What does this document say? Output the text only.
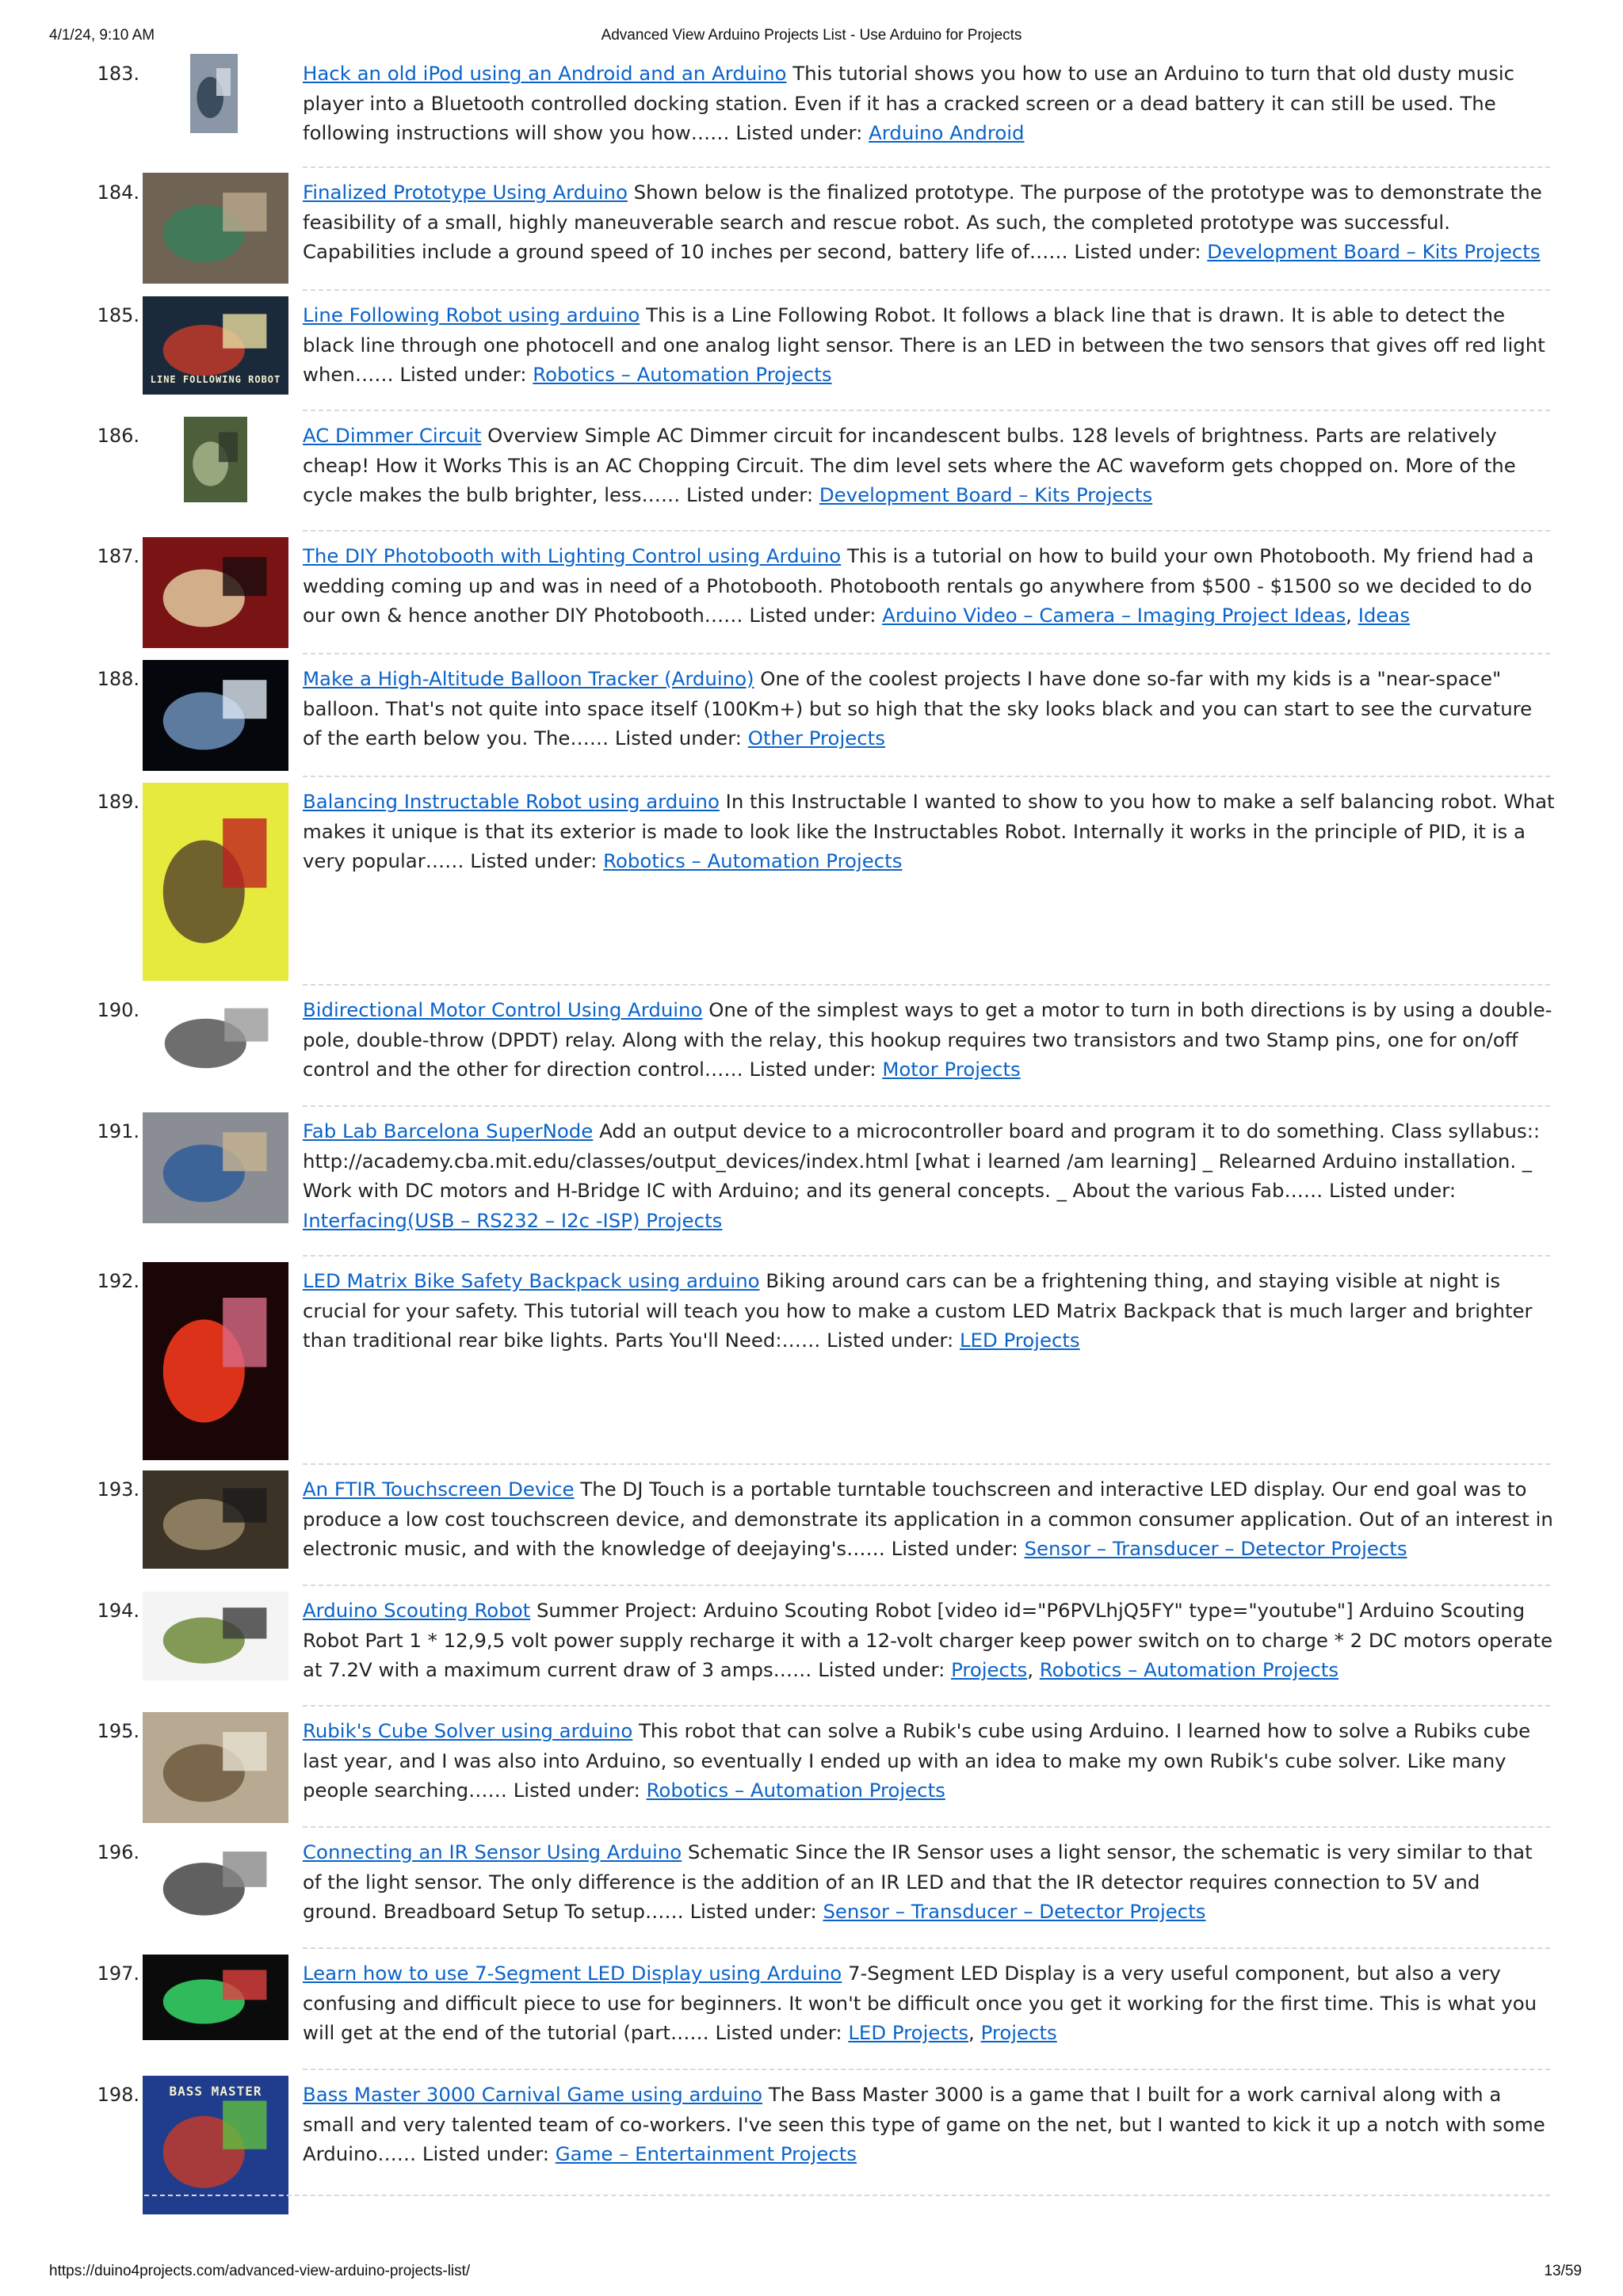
4/1/24, 9:10 AM	Advanced View Arduino Projects List - Use Arduino for Projects
183.	Hack an old iPod using an Android and an Arduino This tutorial shows you how to use an Arduino to turn that old dusty music player into a Bluetooth controlled docking station. Even if it has a cracked screen or a dead battery it can still be used. The following instructions will show you how…… Listed under: Arduino Android
184.	Finalized Prototype Using Arduino Shown below is the finalized prototype. The purpose of the prototype was to demonstrate the feasibility of a small, highly maneuverable search and rescue robot. As such, the completed prototype was successful. Capabilities include a ground speed of 10 inches per second, battery life of…… Listed under: Development Board – Kits Projects
185.
LINE FOLLOWING ROBOT
Line Following Robot using arduino This is a Line Following Robot. It follows a black line that is drawn. It is able to detect the black line through one photocell and one analog light sensor. There is an LED in between the two sensors that gives off red light when…… Listed under: Robotics – Automation Projects
186.	AC Dimmer Circuit Overview Simple AC Dimmer circuit for incandescent bulbs. 128 levels of brightness. Parts are relatively cheap! How it Works This is an AC Chopping Circuit. The dim level sets where the AC waveform gets chopped on. More of the cycle makes the bulb brighter, less…… Listed under: Development Board – Kits Projects
187.	The DIY Photobooth with Lighting Control using Arduino This is a tutorial on how to build your own Photobooth. My friend had a wedding coming up and was in need of a Photobooth. Photobooth rentals go anywhere from $500 - $1500 so we decided to do our own & hence another DIY Photobooth…… Listed under: Arduino Video – Camera – Imaging Project Ideas, Ideas
188.	Make a High-Altitude Balloon Tracker (Arduino) One of the coolest projects I have done so-far with my kids is a "near-space" balloon. That's not quite into space itself (100Km+) but so high that the sky looks black and you can start to see the curvature of the earth below you. The…… Listed under: Other Projects
189.	Balancing Instructable Robot using arduino In this Instructable I wanted to show to you how to make a self balancing robot. What makes it unique is that its exterior is made to look like the Instructables Robot. Internally it works in the principle of PID, it is a very popular…… Listed under: Robotics – Automation Projects
190.	Bidirectional Motor Control Using Arduino One of the simplest ways to get a motor to turn in both directions is by using a double-pole, double-throw (DPDT) relay. Along with the relay, this hookup requires two transistors and two Stamp pins, one for on/off control and the other for direction control…… Listed under: Motor Projects
191.	Fab Lab Barcelona SuperNode Add an output device to a microcontroller board and program it to do something. Class syllabus:: http://academy.cba.mit.edu/classes/output_devices/index.html [what i learned /am learning] _ Relearned Arduino installation. _ Work with DC motors and H-Bridge IC with Arduino; and its general concepts. _ About the various Fab…… Listed under: Interfacing(USB – RS232 – I2c -ISP) Projects
192.	LED Matrix Bike Safety Backpack using arduino Biking around cars can be a frightening thing, and staying visible at night is crucial for your safety. This tutorial will teach you how to make a custom LED Matrix Backpack that is much larger and brighter than traditional rear bike lights. Parts You'll Need:…… Listed under: LED Projects
193.	An FTIR Touchscreen Device The DJ Touch is a portable turntable touchscreen and interactive LED display. Our end goal was to produce a low cost touchscreen device, and demonstrate its application in a common consumer application. Out of an interest in electronic music, and with the knowledge of deejaying's…… Listed under: Sensor – Transducer – Detector Projects
194.	Arduino Scouting Robot Summer Project: Arduino Scouting Robot [video id="P6PVLhjQ5FY" type="youtube"] Arduino Scouting Robot Part 1 * 12,9,5 volt power supply recharge it with a 12-volt charger keep power switch on to charge * 2 DC motors operate at 7.2V with a maximum current draw of 3 amps…… Listed under: Projects, Robotics – Automation Projects
195.	Rubik's Cube Solver using arduino This robot that can solve a Rubik's cube using Arduino. I learned how to solve a Rubiks cube last year, and I was also into Arduino, so eventually I ended up with an idea to make my own Rubik's cube solver. Like many people searching…… Listed under: Robotics – Automation Projects
196.	Connecting an IR Sensor Using Arduino Schematic Since the IR Sensor uses a light sensor, the schematic is very similar to that of the light sensor. The only difference is the addition of an IR LED and that the IR detector requires connection to 5V and ground. Breadboard Setup To setup…… Listed under: Sensor – Transducer – Detector Projects
197.	Learn how to use 7-Segment LED Display using Arduino 7-Segment LED Display is a very useful component, but also a very confusing and difficult piece to use for beginners. It won't be difficult once you get it working for the first time. This is what you will get at the end of the tutorial (part…… Listed under: LED Projects, Projects
198.	BASS MASTER	Bass Master 3000 Carnival Game using arduino The Bass Master 3000 is a game that I built for a work carnival along with a small and very talented team of co-workers. I've seen this type of game on the net, but I wanted to kick it up a notch with some Arduino…… Listed under: Game – Entertainment Projects
https://duino4projects.com/advanced-view-arduino-projects-list/	13/59
